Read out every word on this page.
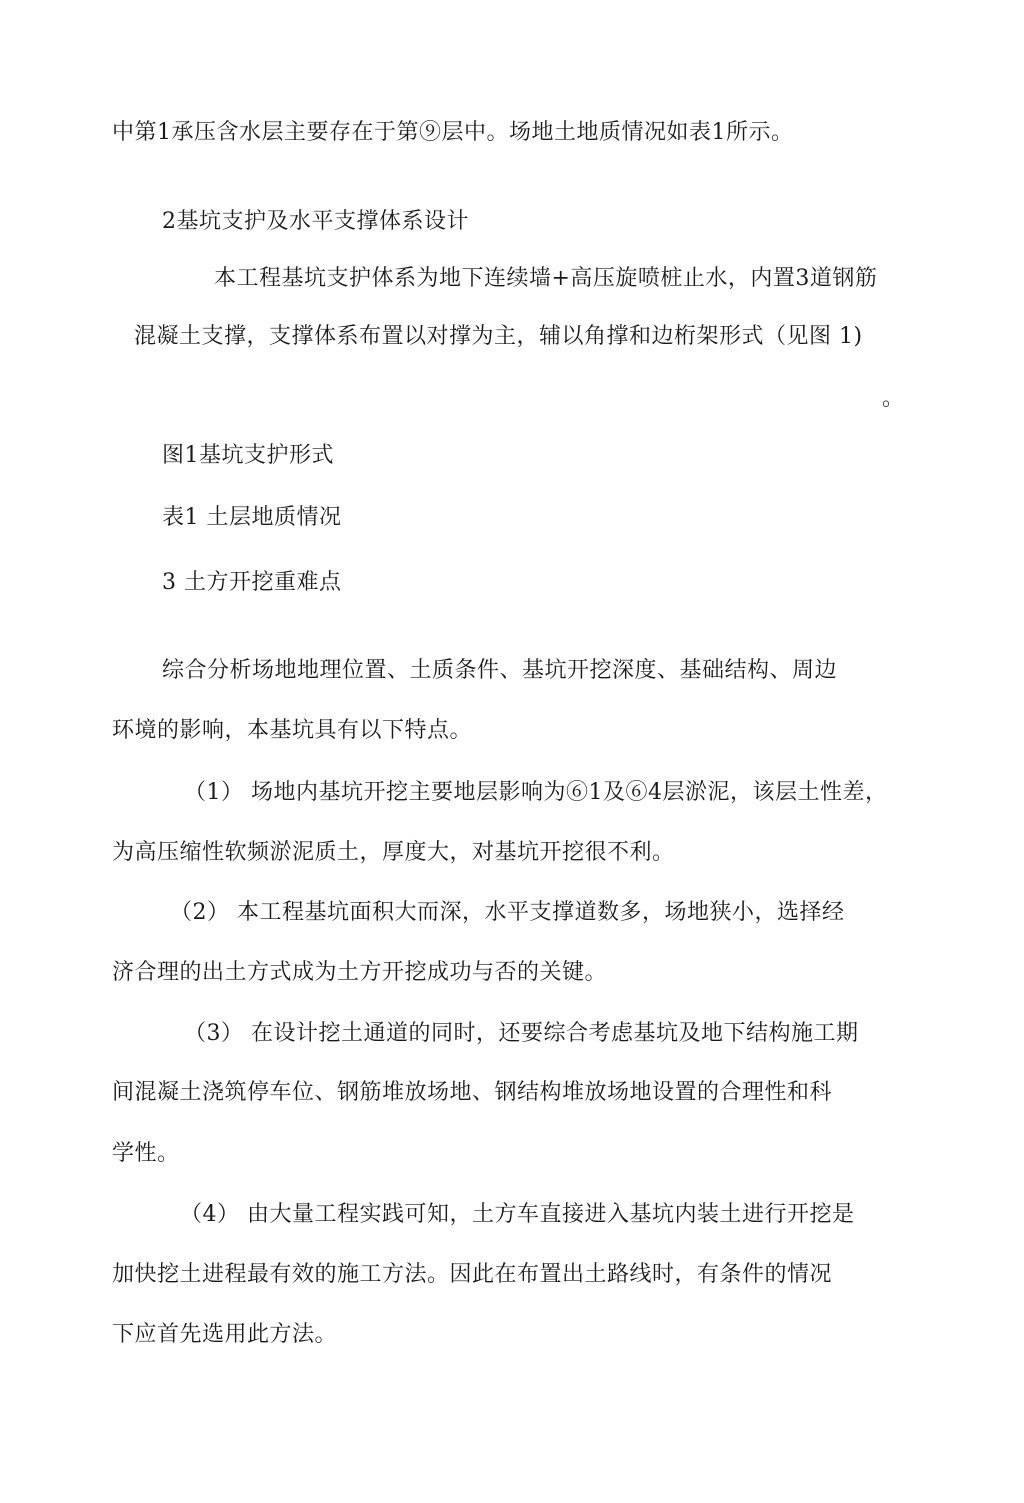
中第1承压含水层主要存在于第⑨层中。场地土地质情况如表1所示。
2基坑支护及水平支撑体系设计
本工程基坑支护体系为地下连续墙+高压旋喷桩止水，内置3道钢筋
混凝土支撑，支撑体系布置以对撑为主，辅以角撑和边桁架形式（见图 1)
。
图1基坑支护形式
表1 土层地质情况
3 土方开挖重难点
综合分析场地地理位置、土质条件、基坑开挖深度、基础结构、周边
环境的影响，本基坑具有以下特点。
（1） 场地内基坑开挖主要地层影响为⑥1及⑥4层淤泥，该层土性差，
为高压缩性软频淤泥质土，厚度大，对基坑开挖很不利。
（2） 本工程基坑面积大而深，水平支撑道数多，场地狭小，选择经
济合理的出土方式成为土方开挖成功与否的关键。
（3） 在设计挖土通道的同时，还要综合考虑基坑及地下结构施工期
间混凝土浇筑停车位、钢筋堆放场地、钢结构堆放场地设置的合理性和科
学性。
（4） 由大量工程实践可知，土方车直接进入基坑内装土进行开挖是
加快挖土进程最有效的施工方法。因此在布置出土路线时，有条件的情况
下应首先选用此方法。
